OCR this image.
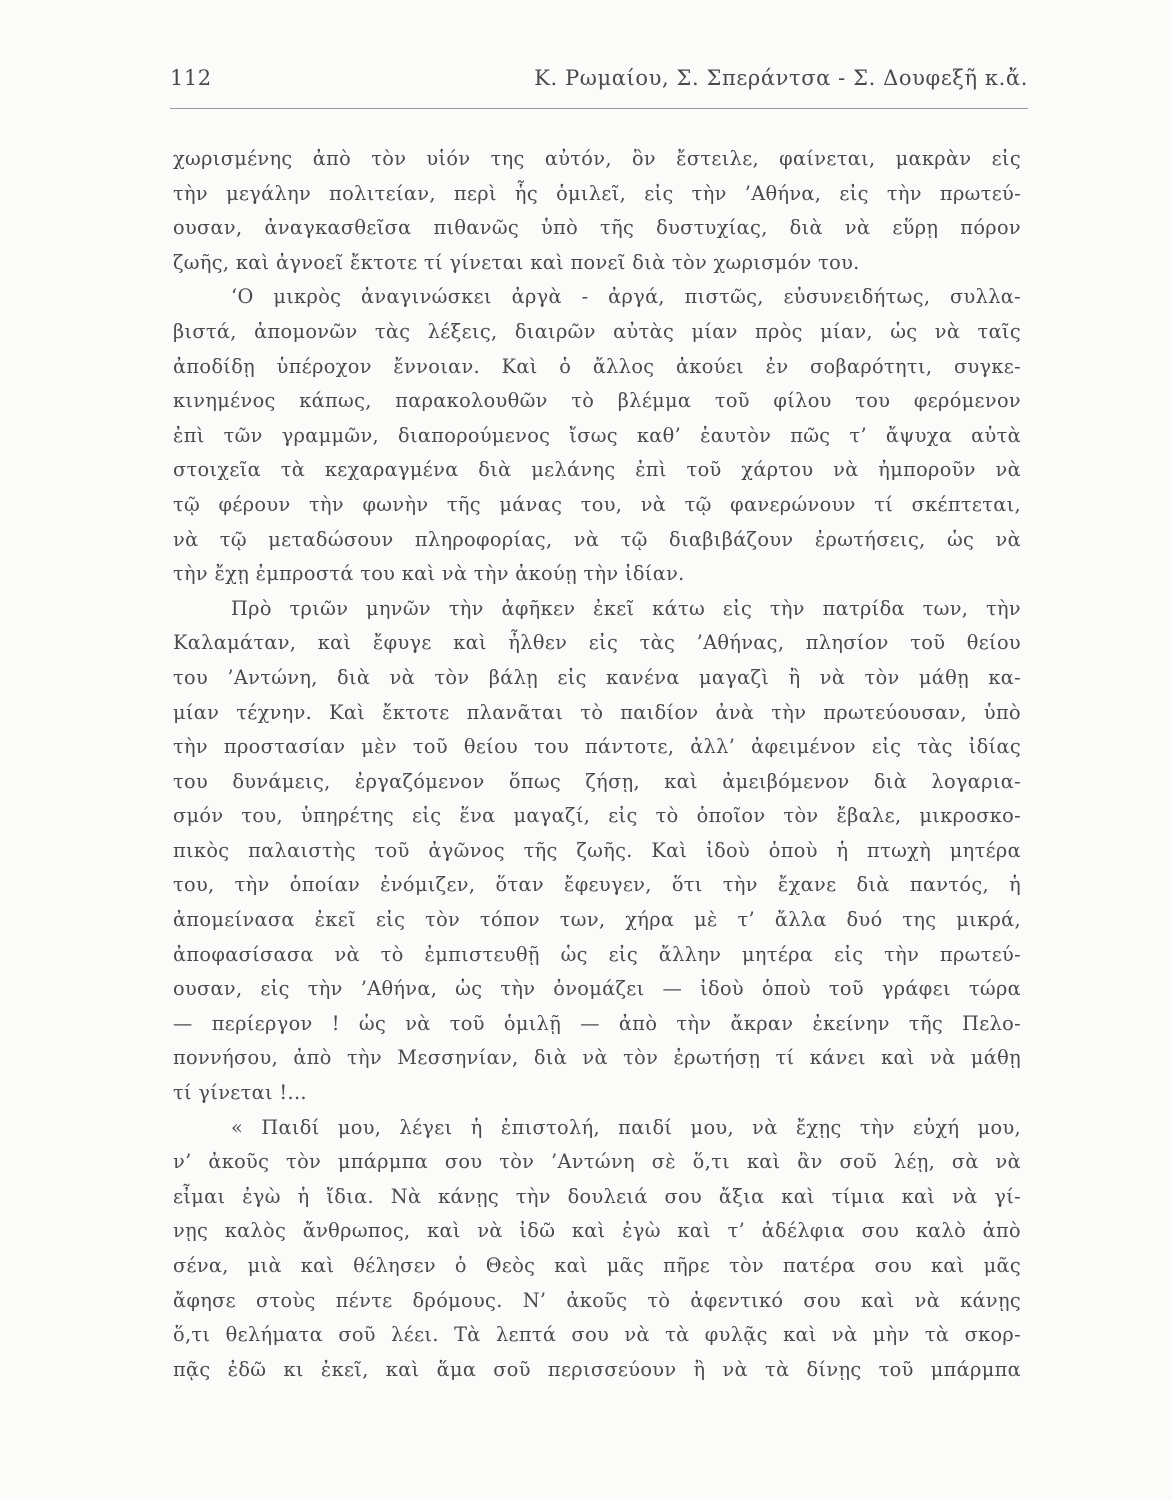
112	Κ. Ρωμαίου, Σ. Σπεράντσα - Σ. Δουφεξῆ κ.ἄ.
χωρισμένης ἀπὸ τὸν υἱόν της αὐτόν, ὃν ἔστειλε, φαίνεται, μακρὰν εἰς
τὴν μεγάλην πολιτείαν, περὶ ἧς ὁμιλεῖ, εἰς τὴν ’Αθήνα, εἰς τὴν πρωτεύ-
ουσαν, ἀναγκασθεῖσα πιθανῶς ὑπὸ τῆς δυστυχίας, διὰ νὰ εὕρῃ πόρον
ζωῆς, καὶ ἀγνοεῖ ἔκτοτε τί γίνεται καὶ πονεῖ διὰ τὸν χωρισμόν του.
‘Ο μικρὸς ἀναγινώσκει ἀργὰ - ἀργά, πιστῶς, εὐσυνειδήτως, συλλα-
βιστά, ἀπομονῶν τὰς λέξεις, διαιρῶν αὐτὰς μίαν πρὸς μίαν, ὡς νὰ ταῖς
ἀποδίδῃ ὑπέροχον ἔννοιαν. Καὶ ὁ ἄλλος ἀκούει ἐν σοβαρότητι, συγκε-
κινημένος κάπως, παρακολουθῶν τὸ βλέμμα τοῦ φίλου του φερόμενον
ἐπὶ τῶν γραμμῶν, διαπορούμενος ἴσως καθ’ ἑαυτὸν πῶς τ’ ἄψυχα αὐτὰ
στοιχεῖα τὰ κεχαραγμένα διὰ μελάνης ἐπὶ τοῦ χάρτου νὰ ἠμποροῦν νὰ
τῷ φέρουν τὴν φωνὴν τῆς μάνας του, νὰ τῷ φανερώνουν τί σκέπτεται,
νὰ τῷ μεταδώσουν πληροφορίας, νὰ τῷ διαβιβάζουν ἐρωτήσεις, ὡς νὰ
τὴν ἔχῃ ἐμπροστά του καὶ νὰ τὴν ἀκούῃ τὴν ἰδίαν.
Πρὸ τριῶν μηνῶν τὴν ἀφῆκεν ἐκεῖ κάτω εἰς τὴν πατρίδα των, τὴν
Καλαμάταν, καὶ ἔφυγε καὶ ἦλθεν εἰς τὰς ’Αθήνας, πλησίον τοῦ θείου
του ’Αντώνη, διὰ νὰ τὸν βάλῃ εἰς κανένα μαγαζὶ ἢ νὰ τὸν μάθῃ κα-
μίαν τέχνην. Καὶ ἔκτοτε πλανᾶται τὸ παιδίον ἀνὰ τὴν πρωτεύουσαν, ὑπὸ
τὴν προστασίαν μὲν τοῦ θείου του πάντοτε, ἀλλ’ ἀφειμένον εἰς τὰς ἰδίας
του δυνάμεις, ἐργαζόμενον ὅπως ζήσῃ, καὶ ἀμειβόμενον διὰ λογαρια-
σμόν του, ὑπηρέτης εἰς ἕνα μαγαζί, εἰς τὸ ὁποῖον τὸν ἔβαλε, μικροσκο-
πικὸς παλαιστὴς τοῦ ἀγῶνος τῆς ζωῆς. Καὶ ἰδοὺ ὁποὺ ἡ πτωχὴ μητέρα
του, τὴν ὁποίαν ἐνόμιζεν, ὅταν ἔφευγεν, ὅτι τὴν ἔχανε διὰ παντός, ἡ
ἀπομείνασα ἐκεῖ εἰς τὸν τόπον των, χήρα μὲ τ’ ἄλλα δυό της μικρά,
ἀποφασίσασα νὰ τὸ ἐμπιστευθῇ ὡς εἰς ἄλλην μητέρα εἰς τὴν πρωτεύ-
ουσαν, εἰς τὴν ’Αθήνα, ὡς τὴν ὀνομάζει — ἰδοὺ ὁποὺ τοῦ γράφει τώρα
— περίεργον ! ὡς νὰ τοῦ ὁμιλῇ — ἀπὸ τὴν ἄκραν ἐκείνην τῆς Πελο-
ποννήσου, ἀπὸ τὴν Μεσσηνίαν, διὰ νὰ τὸν ἐρωτήσῃ τί κάνει καὶ νὰ μάθῃ
τί γίνεται !...
« Παιδί μου, λέγει ἡ ἐπιστολή, παιδί μου, νὰ ἔχῃς τὴν εὐχή μου,
ν’ ἀκοῦς τὸν μπάρμπα σου τὸν ’Αντώνη σὲ ὅ,τι καὶ ἂν σοῦ λέῃ, σὰ νὰ
εἶμαι ἐγὼ ἡ ἴδια. Νὰ κάνῃς τὴν δουλειά σου ἄξια καὶ τίμια καὶ νὰ γί-
νῃς καλὸς ἄνθρωπος, καὶ νὰ ἰδῶ καὶ ἐγὼ καὶ τ’ ἀδέλφια σου καλὸ ἀπὸ
σένα, μιὰ καὶ θέλησεν ὁ Θεὸς καὶ μᾶς πῆρε τὸν πατέρα σου καὶ μᾶς
ἄφησε στοὺς πέντε δρόμους. Ν’ ἀκοῦς τὸ ἀφεντικό σου καὶ νὰ κάνῃς
ὅ,τι θελήματα σοῦ λέει. Τὰ λεπτά σου νὰ τὰ φυλᾷς καὶ νὰ μὴν τὰ σκορ-
πᾷς ἐδῶ κι ἐκεῖ, καὶ ἅμα σοῦ περισσεύουν ἢ νὰ τὰ δίνῃς τοῦ μπάρμπα
